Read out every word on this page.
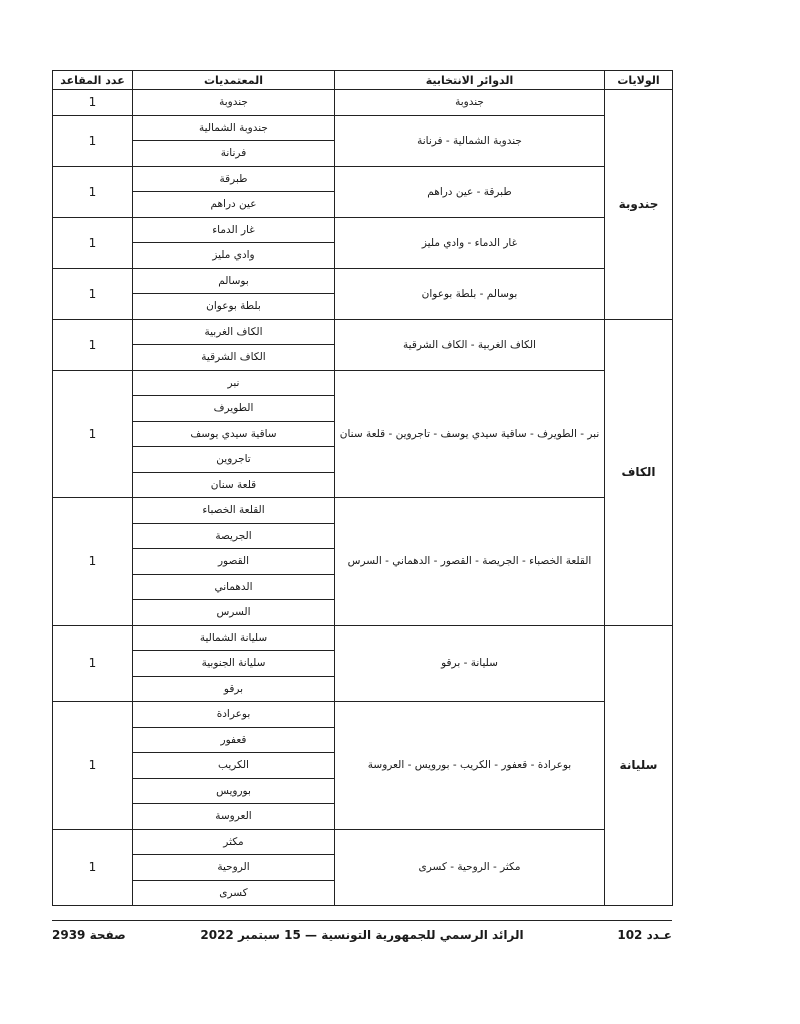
الولايات	الدوائر الانتخابية	المعتمديات	عدد المقاعد
جندوبة	جندوبة	جندوبة	1
	جندوبة الشمالية - فرنانة	جندوبة الشمالية	1
		فرنانة	
	طبرقة - عين دراهم	طبرقة	1
		عين دراهم	
	غار الدماء - وادي مليز	غار الدماء	1
		وادي مليز	
	بوسالم - بلطة بوعوان	بوسالم	1
		بلطة بوعوان	
الكاف	الكاف الغربية - الكاف الشرقية	الكاف الغربية	1
		الكاف الشرقية	
	نبر - الطويرف - ساقية سيدي يوسف - تاجروين - قلعة سنان	نبر	1
		الطويرف	
		ساقية سيدي يوسف	
		تاجروين	
		قلعة سنان	
	القلعة الخصباء - الجريصة - القصور - الدهماني - السرس	القلعة الخصباء	1
		الجريصة	
		القصور	
		الدهماني	
		السرس	
سليانة	سليانة - برقو	سليانة الشمالية	1
		سليانة الجنوبية	
		برقو	
	بوعرادة - قعفور - الكريب - بورويس - العروسة	بوعرادة	1
		قعفور	
		الكريب	
		بورويس	
		العروسة	
	مكثر - الروحية - كسرى	مكثر	1
		الروحية	
		كسرى	
عـدد 102
الرائد الرسمي للجمهورية التونسية — 15 سبتمبر 2022
صفحة 2939
